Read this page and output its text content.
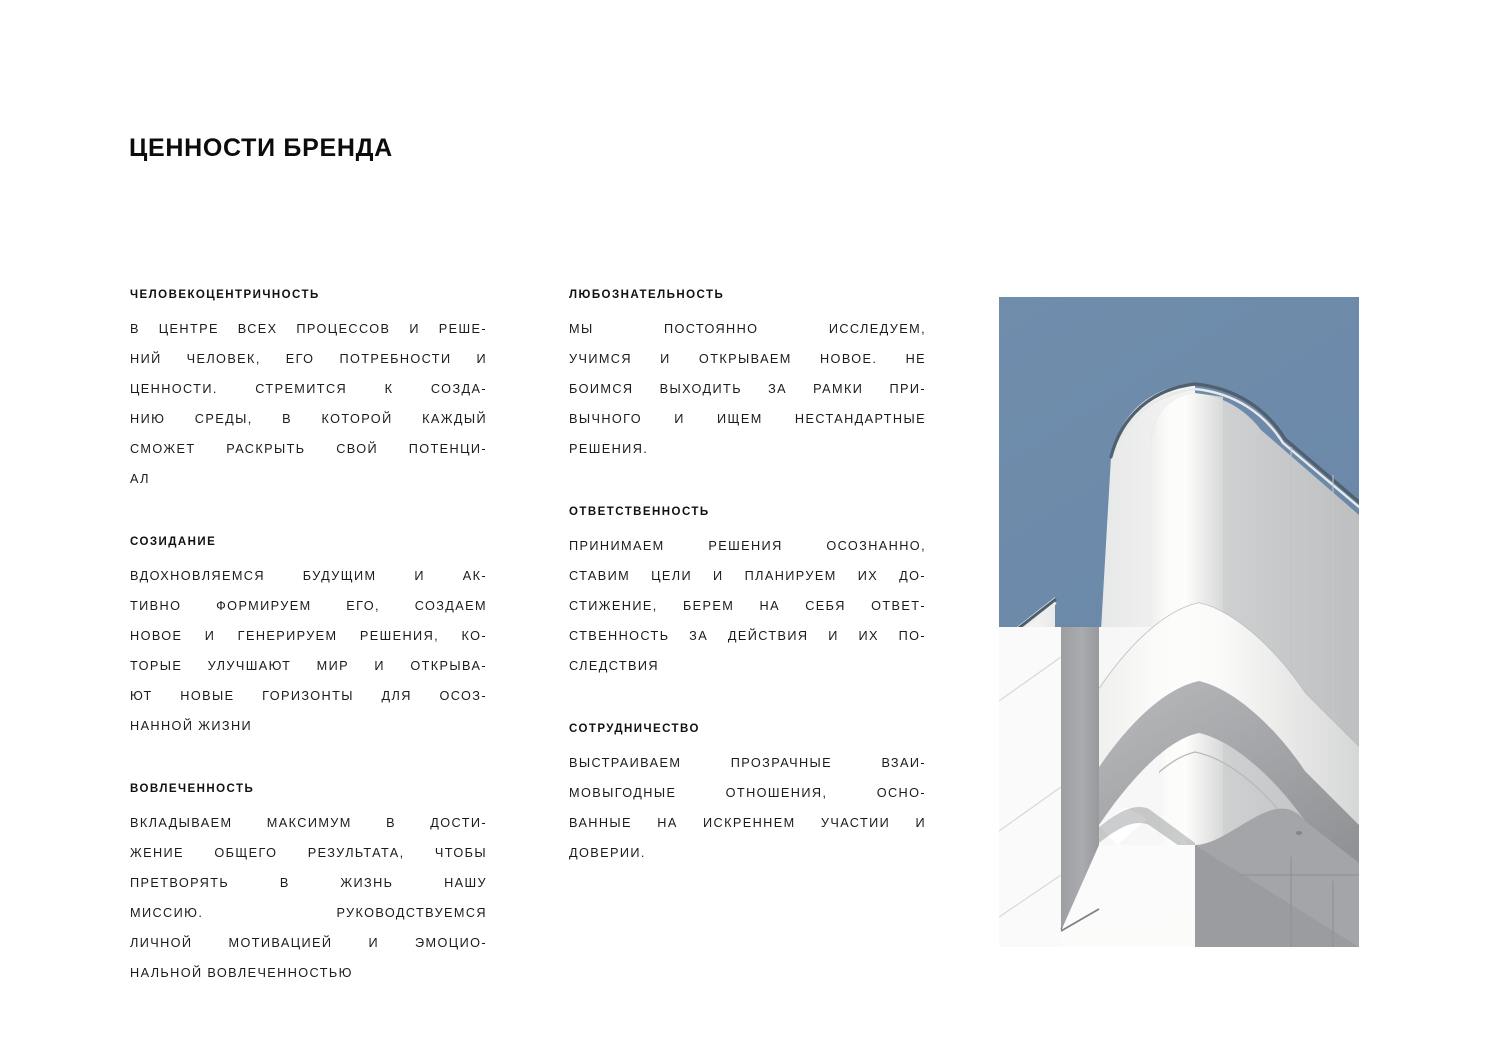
ЦЕННОСТИ БРЕНДА
ЧЕЛОВЕКОЦЕНТРИЧНОСТЬ
В ЦЕНТРЕ ВСЕХ ПРОЦЕССОВ И РЕШЕ-
НИЙ ЧЕЛОВЕК, ЕГО ПОТРЕБНОСТИ И
ЦЕННОСТИ. СТРЕМИТСЯ К СОЗДА-
НИЮ СРЕДЫ, В КОТОРОЙ КАЖДЫЙ
СМОЖЕТ РАСКРЫТЬ СВОЙ ПОТЕНЦИ-
АЛ
СОЗИДАНИЕ
ВДОХНОВЛЯЕМСЯ БУДУЩИМ И АК-
ТИВНО ФОРМИРУЕМ ЕГО, СОЗДАЕМ
НОВОЕ И ГЕНЕРИРУЕМ РЕШЕНИЯ, КО-
ТОРЫЕ УЛУЧШАЮТ МИР И ОТКРЫВА-
ЮТ НОВЫЕ ГОРИЗОНТЫ ДЛЯ ОСОЗ-
НАННОЙ ЖИЗНИ
ВОВЛЕЧЕННОСТЬ
ВКЛАДЫВАЕМ МАКСИМУМ В ДОСТИ-
ЖЕНИЕ ОБЩЕГО РЕЗУЛЬТАТА, ЧТОБЫ
ПРЕТВОРЯТЬ В ЖИЗНЬ НАШУ
МИССИЮ. РУКОВОДСТВУЕМСЯ
ЛИЧНОЙ МОТИВАЦИЕЙ И ЭМОЦИО-
НАЛЬНОЙ ВОВЛЕЧЕННОСТЬЮ
ЛЮБОЗНАТЕЛЬНОСТЬ
МЫ ПОСТОЯННО ИССЛЕДУЕМ,
УЧИМСЯ И ОТКРЫВАЕМ НОВОЕ. НЕ
БОИМСЯ ВЫХОДИТЬ ЗА РАМКИ ПРИ-
ВЫЧНОГО И ИЩЕМ НЕСТАНДАРТНЫЕ
РЕШЕНИЯ.
ОТВЕТСТВЕННОСТЬ
ПРИНИМАЕМ РЕШЕНИЯ ОСОЗНАННО,
СТАВИМ ЦЕЛИ И ПЛАНИРУЕМ ИХ ДО-
СТИЖЕНИЕ, БЕРЕМ НА СЕБЯ ОТВЕТ-
СТВЕННОСТЬ ЗА ДЕЙСТВИЯ И ИХ ПО-
СЛЕДСТВИЯ
СОТРУДНИЧЕСТВО
ВЫСТРАИВАЕМ ПРОЗРАЧНЫЕ ВЗАИ-
МОВЫГОДНЫЕ ОТНОШЕНИЯ, ОСНО-
ВАННЫЕ НА ИСКРЕННЕМ УЧАСТИИ И
ДОВЕРИИ.
